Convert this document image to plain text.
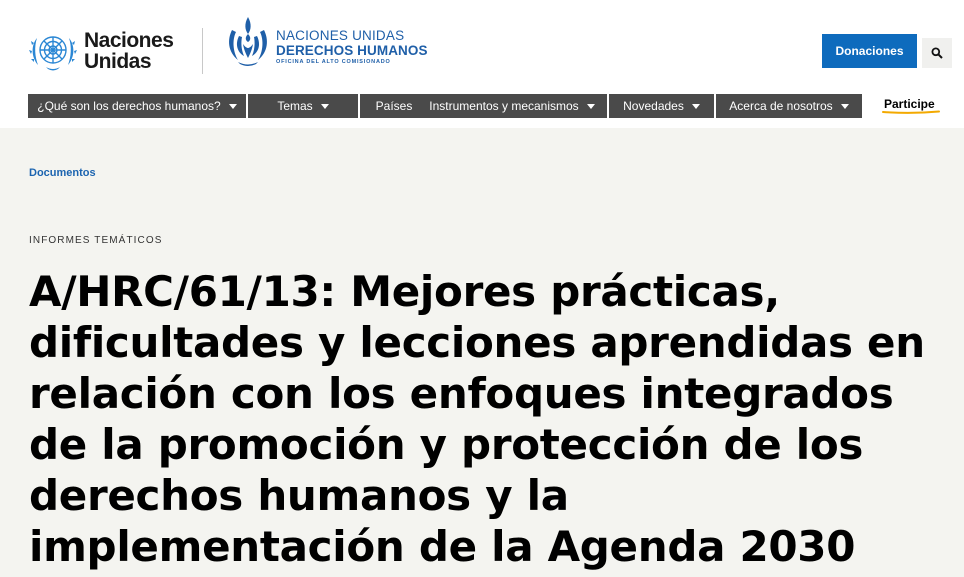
Naciones
Unidas
NACIONES UNIDAS
DERECHOS HUMANOS
OFICINA DEL ALTO COMISIONADO
Donaciones
¿Qué son los derechos humanos?	Temas	Países Instrumentos y mecanismos	Novedades	Acerca de nosotros	Participe
Documentos
INFORMES TEMÁTICOS
A/HRC/61/13: Mejores prácticas, dificultades y lecciones aprendidas en relación con los enfoques integrados de la promoción y protección de los derechos humanos y la implementación de la Agenda 2030
